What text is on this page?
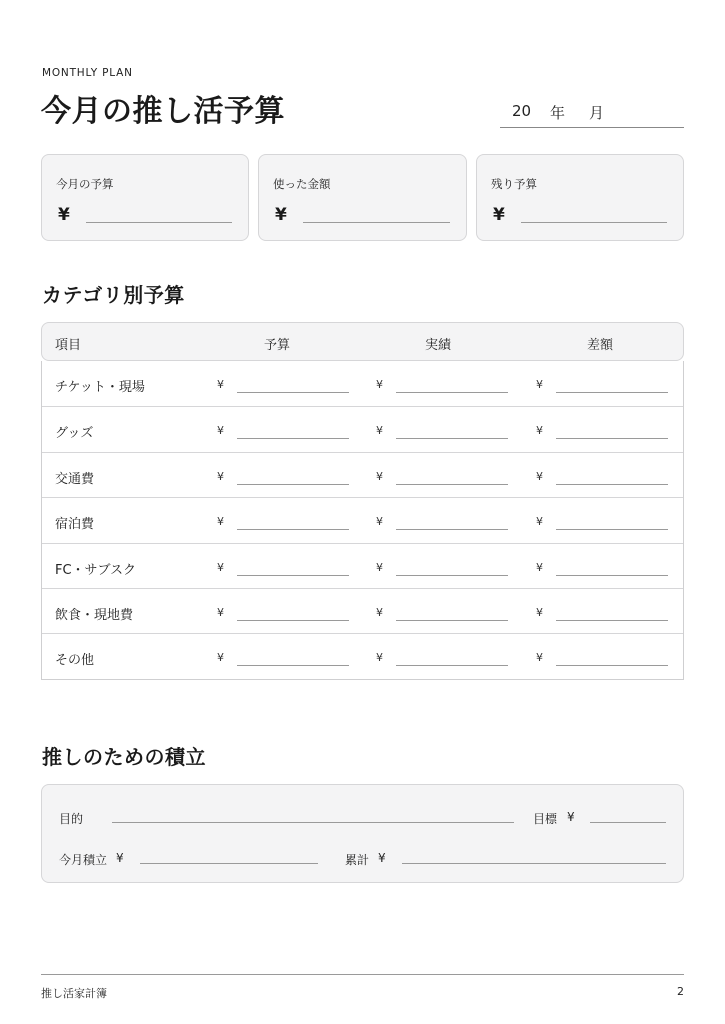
MONTHLY PLAN
今月の推し活予算	20 年 月
今月の予算
¥
使った金額
¥
残り予算
¥
カテゴリ別予算
項目	予算	実績	差額
チケット・現場	¥	¥	¥
グッズ	¥	¥	¥
交通費	¥	¥	¥
宿泊費	¥	¥	¥
FC・サブスク	¥	¥	¥
飲食・現地費	¥	¥	¥
その他	¥	¥	¥
推しのための積立
目的	目標 ¥
今月積立 ¥	累計 ¥
推し活家計簿	2
